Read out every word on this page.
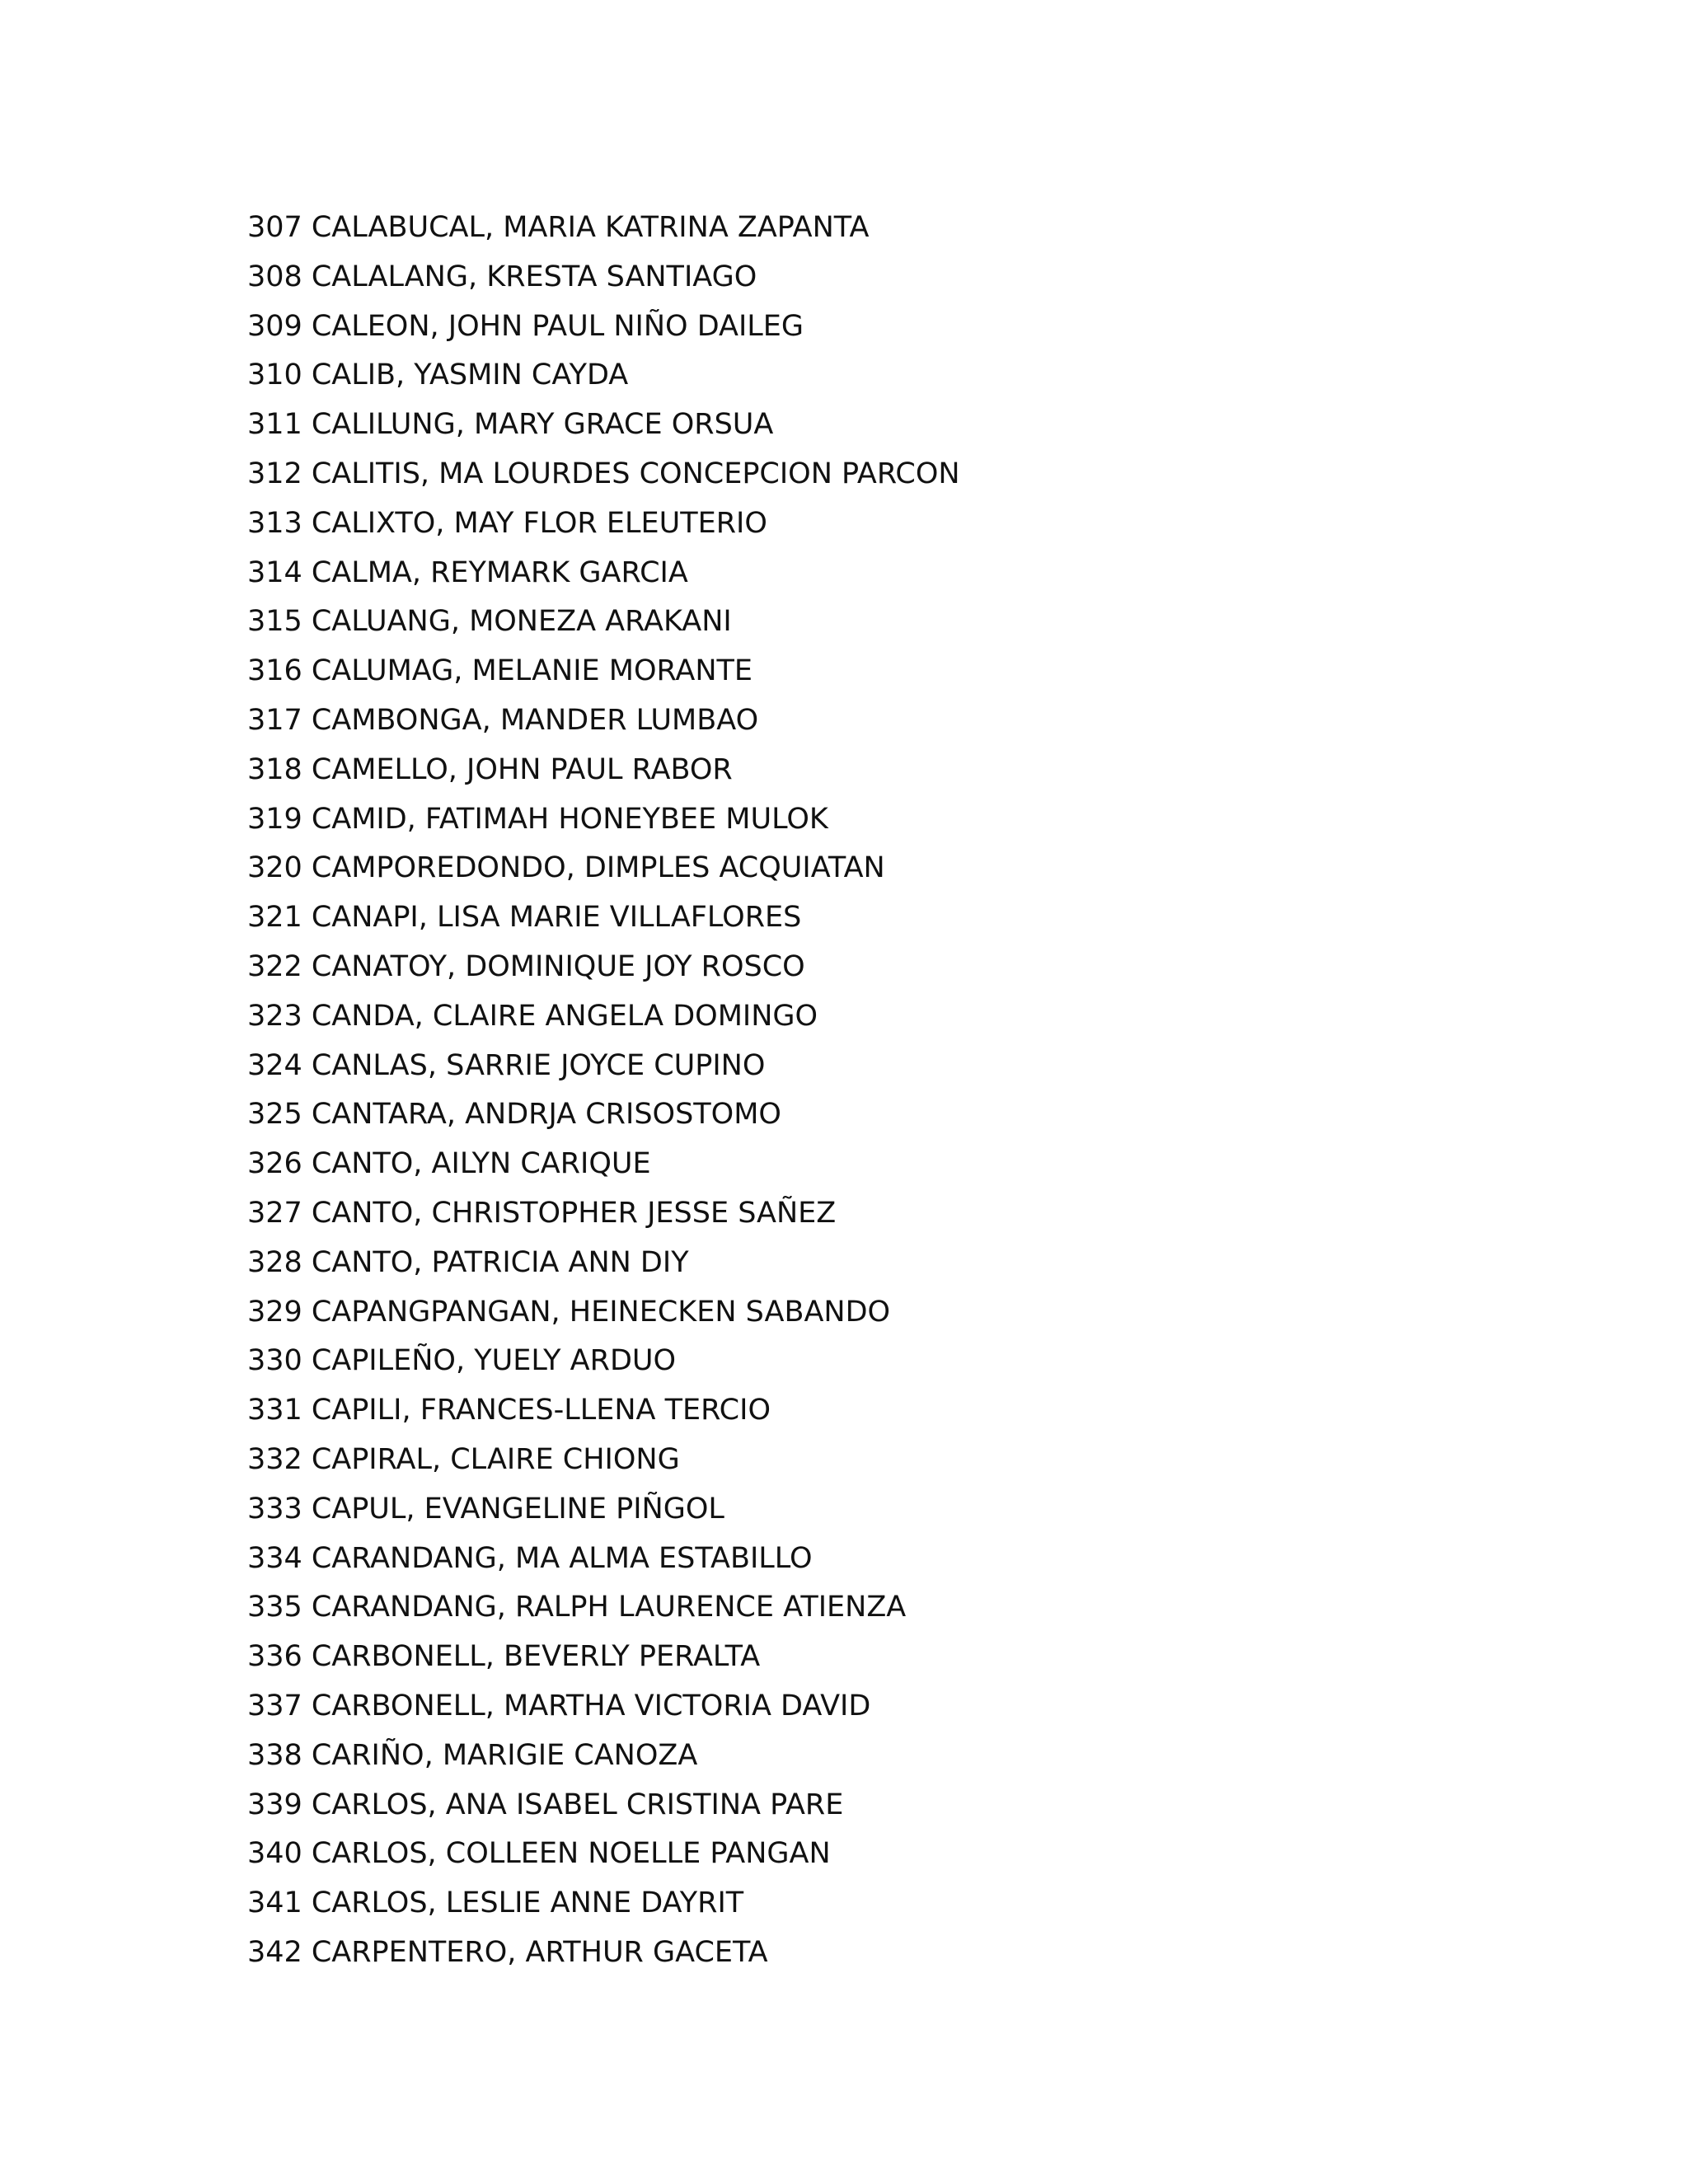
307 CALABUCAL, MARIA KATRINA ZAPANTA
308 CALALANG, KRESTA SANTIAGO
309 CALEON, JOHN PAUL NIÑO DAILEG
310 CALIB, YASMIN CAYDA
311 CALILUNG, MARY GRACE ORSUA
312 CALITIS, MA LOURDES CONCEPCION PARCON
313 CALIXTO, MAY FLOR ELEUTERIO
314 CALMA, REYMARK GARCIA
315 CALUANG, MONEZA ARAKANI
316 CALUMAG, MELANIE MORANTE
317 CAMBONGA, MANDER LUMBAO
318 CAMELLO, JOHN PAUL RABOR
319 CAMID, FATIMAH HONEYBEE MULOK
320 CAMPOREDONDO, DIMPLES ACQUIATAN
321 CANAPI, LISA MARIE VILLAFLORES
322 CANATOY, DOMINIQUE JOY ROSCO
323 CANDA, CLAIRE ANGELA DOMINGO
324 CANLAS, SARRIE JOYCE CUPINO
325 CANTARA, ANDRJA CRISOSTOMO
326 CANTO, AILYN CARIQUE
327 CANTO, CHRISTOPHER JESSE SAÑEZ
328 CANTO, PATRICIA ANN DIY
329 CAPANGPANGAN, HEINECKEN SABANDO
330 CAPILEÑO, YUELY ARDUO
331 CAPILI, FRANCES-LLENA TERCIO
332 CAPIRAL, CLAIRE CHIONG
333 CAPUL, EVANGELINE PIÑGOL
334 CARANDANG, MA ALMA ESTABILLO
335 CARANDANG, RALPH LAURENCE ATIENZA
336 CARBONELL, BEVERLY PERALTA
337 CARBONELL, MARTHA VICTORIA DAVID
338 CARIÑO, MARIGIE CANOZA
339 CARLOS, ANA ISABEL CRISTINA PARE
340 CARLOS, COLLEEN NOELLE PANGAN
341 CARLOS, LESLIE ANNE DAYRIT
342 CARPENTERO, ARTHUR GACETA
